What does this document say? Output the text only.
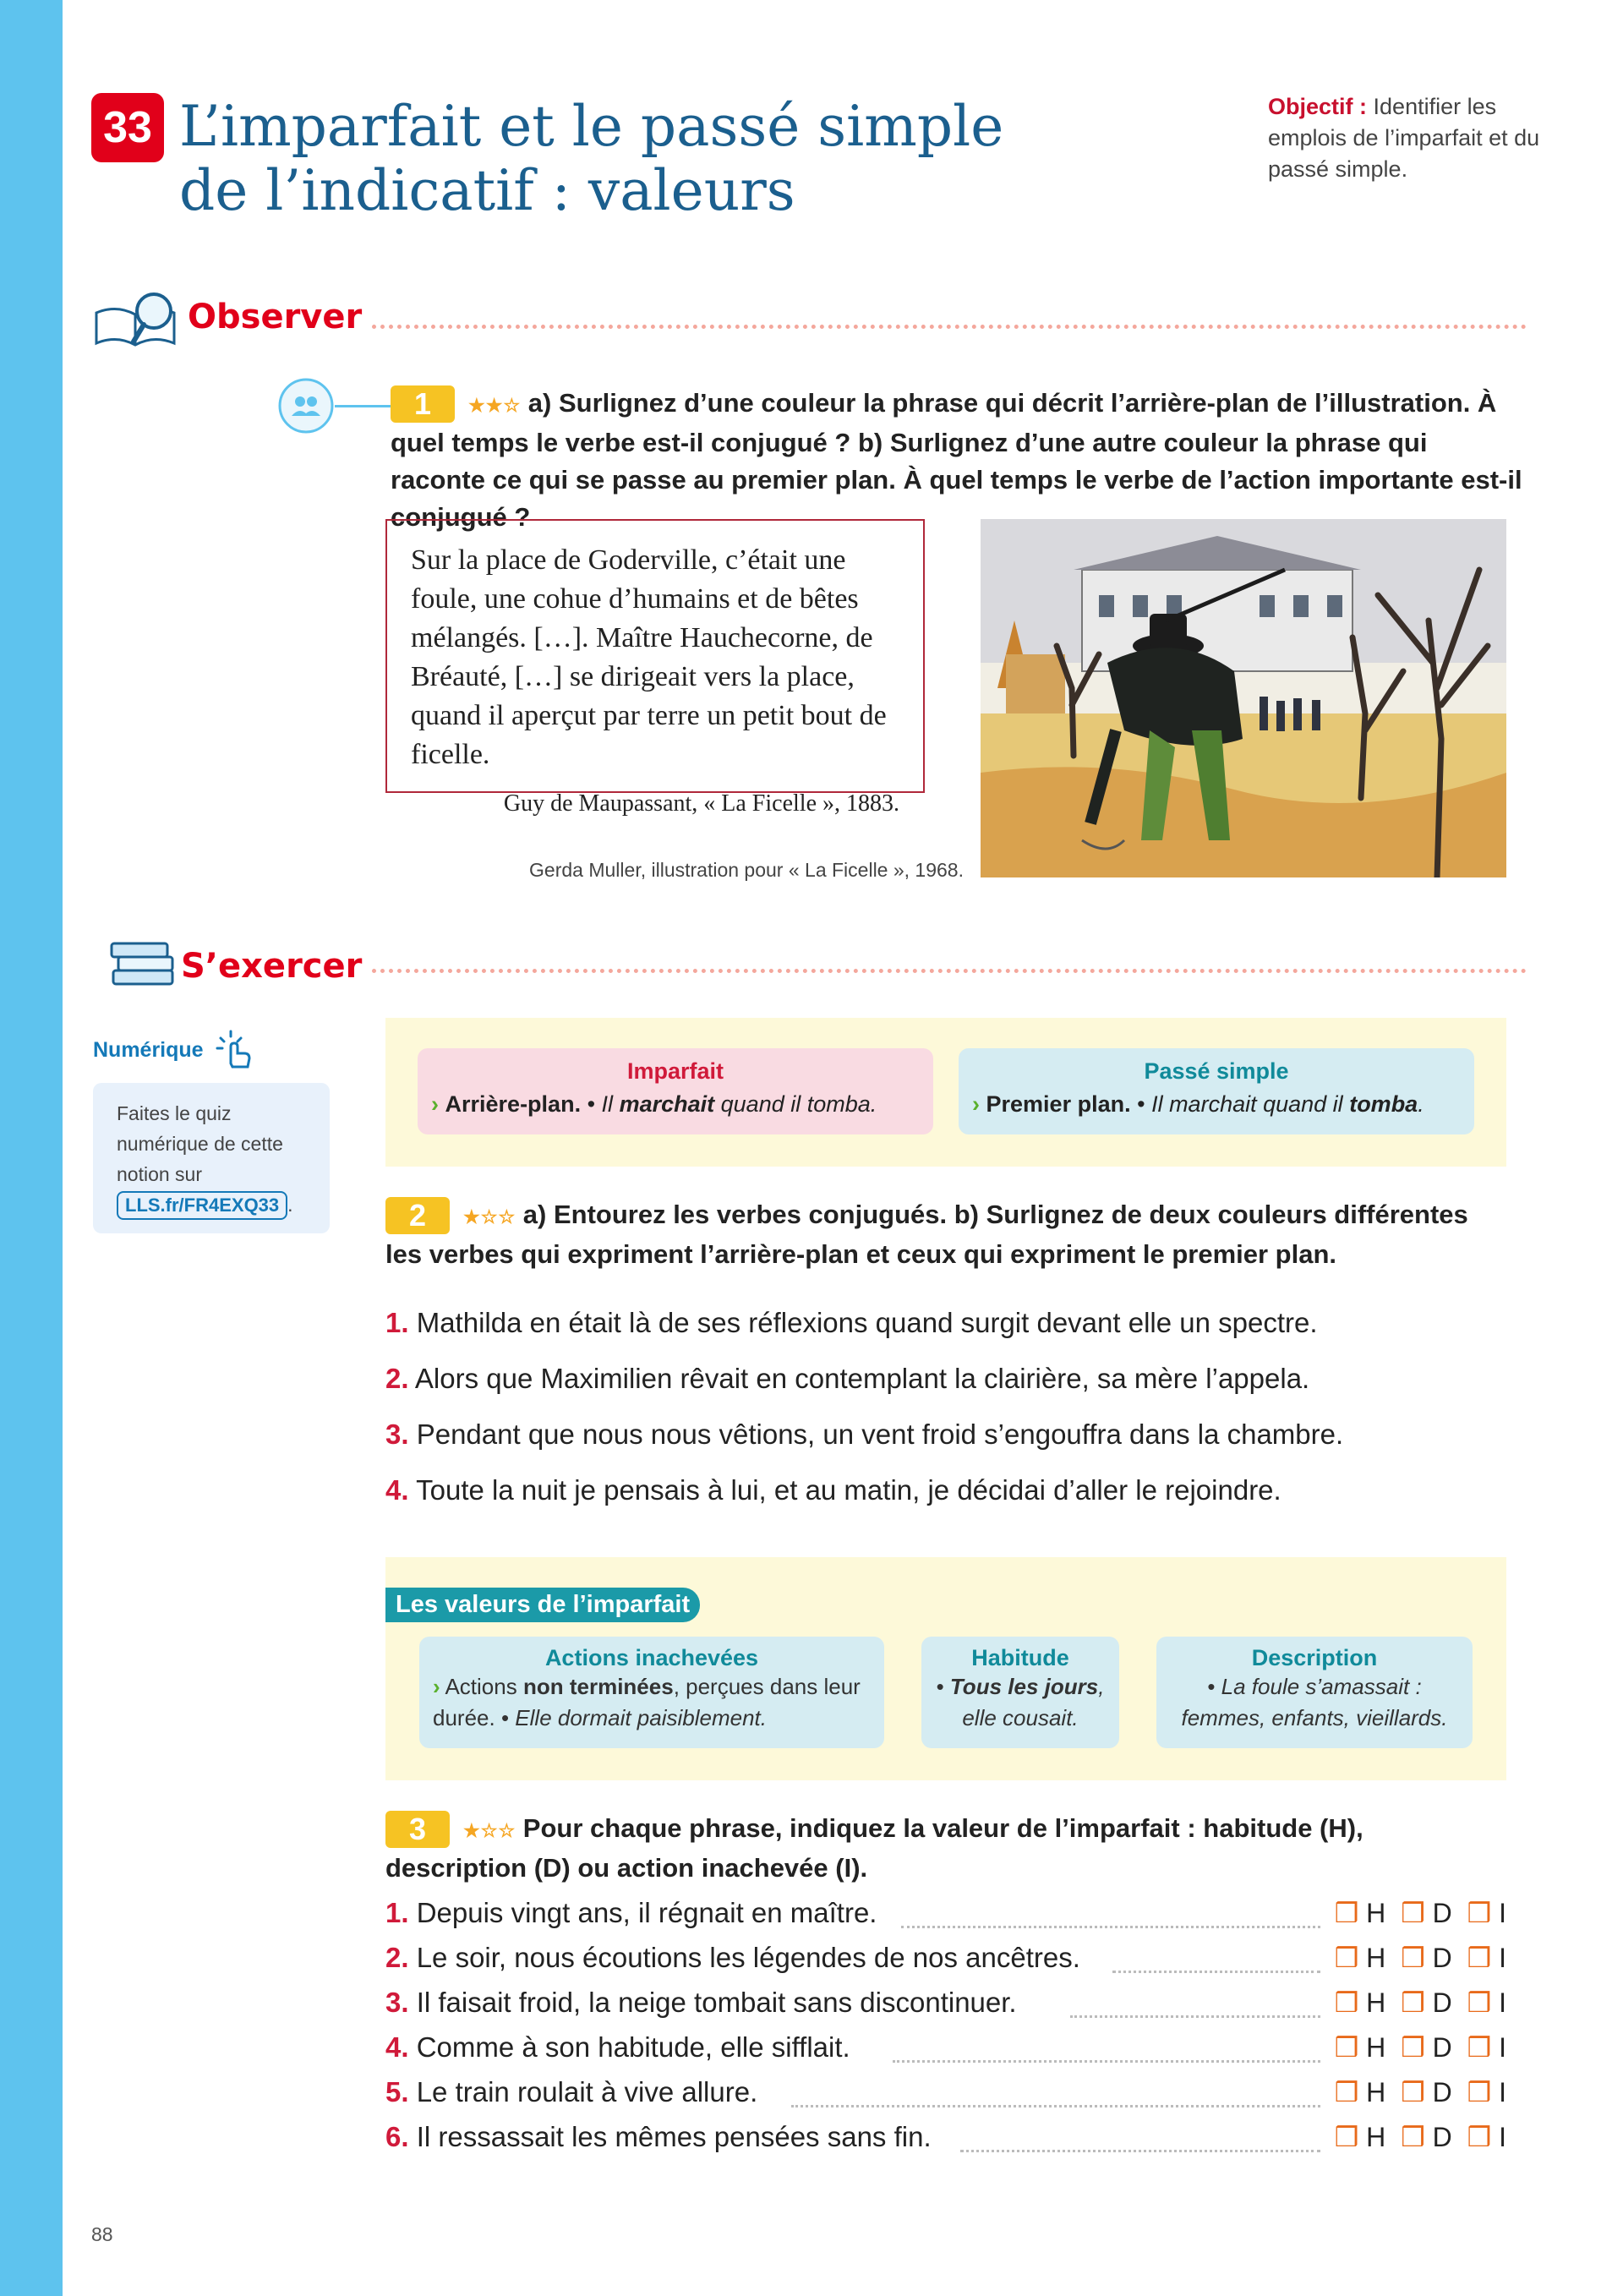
33 L’imparfait et le passé simple
de l’indicatif : valeurs
Objectif : Identifier les emplois de l’imparfait et du passé simple.
Observer
1	★★☆ a) Surlignez d’une couleur la phrase qui décrit l’arrière-plan de l’illustration. À quel temps le verbe est-il conjugué ? b) Surlignez d’une autre couleur la phrase qui raconte ce qui se passe au premier plan. À quel temps le verbe de l’action importante est-il conjugué ?
Sur la place de Goderville, c’était une foule, une cohue d’humains et de bêtes mélangés. […]. Maître Hauchecorne, de Bréauté, […] se dirigeait vers la place, quand il aperçut par terre un petit bout de ficelle.
Guy de Maupassant, « La Ficelle », 1883.
Gerda Muller, illustration pour « La Ficelle », 1968.
S’exercer
Numérique
Faites le quiz numérique de cette notion sur LLS.fr/FR4EXQ33 .
Imparfait
› Arrière-plan. • Il marchait quand il tomba.
Passé simple
› Premier plan. • Il marchait quand il tomba.
2	★☆☆ a) Entourez les verbes conjugués. b) Surlignez de deux couleurs différentes les verbes qui expriment l’arrière-plan et ceux qui expriment le premier plan.
1. Mathilda en était là de ses réflexions quand surgit devant elle un spectre.
2. Alors que Maximilien rêvait en contemplant la clairière, sa mère l’appela.
3. Pendant que nous nous vêtions, un vent froid s’engouffra dans la chambre.
4. Toute la nuit je pensais à lui, et au matin, je décidai d’aller le rejoindre.
Les valeurs de l’imparfait
Actions inachevées
› Actions non terminées, perçues dans leur durée. • Elle dormait paisiblement.
Habitude
• Tous les jours, elle cousait.
Description
• La foule s’amassait : femmes, enfants, vieillards.
3	★☆☆ Pour chaque phrase, indiquez la valeur de l’imparfait : habitude (H), description (D) ou action inachevée (I).
1. Depuis vingt ans, il régnait en maître.	❒ H ❒ D ❒ I
2. Le soir, nous écoutions les légendes de nos ancêtres.	❒ H ❒ D ❒ I
3. Il faisait froid, la neige tombait sans discontinuer.	❒ H ❒ D ❒ I
4. Comme à son habitude, elle sifflait.	❒ H ❒ D ❒ I
5. Le train roulait à vive allure.	❒ H ❒ D ❒ I
6. Il ressassait les mêmes pensées sans fin.	❒ H ❒ D ❒ I
88
